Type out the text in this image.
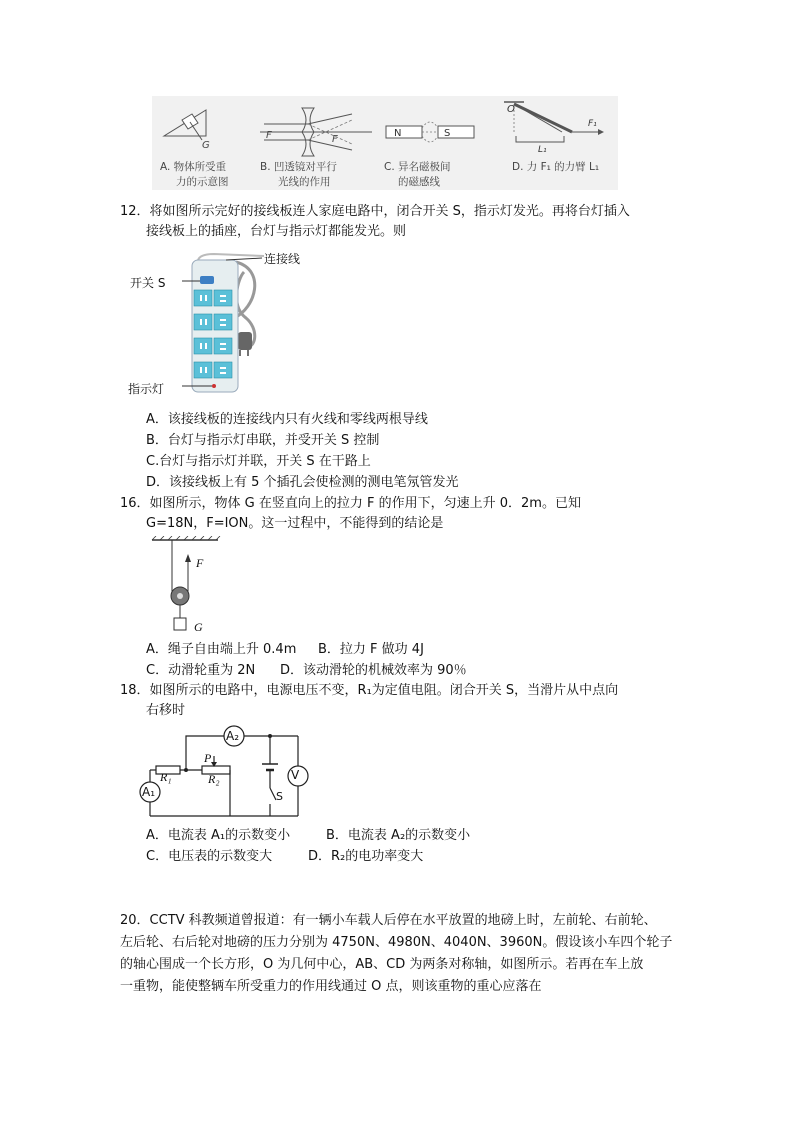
G
F	F
N	S
O
F₁
L₁
A. 物体所受重
力的示意图
B. 凹透镜对平行
光线的作用
C. 异名磁极间
的磁感线
D. 力 F₁ 的力臂 L₁
12．将如图所示完好的接线板连人家庭电路中，闭合开关 S，指示灯发光。再将台灯插入
接线板上的插座，台灯与指示灯都能发光。则
连接线
开关 S
指示灯
A．该接线板的连接线内只有火线和零线两根导线
B．台灯与指示灯串联，并受开关 S 控制
C.台灯与指示灯并联，开关 S 在干路上
D．该接线板上有 5 个插孔会使检测的测电笔氖管发光
16．如图所示，物体 G 在竖直向上的拉力 F 的作用下，匀速上升 0．2m。已知
G=18N，F=ION。这一过程中，不能得到的结论是
F
G
A．绳子自由端上升 0.4m B．拉力 F 做功 4J
C．动滑轮重为 2N D．该动滑轮的机械效率为 90％
18．如图所示的电路中，电源电压不变，R₁为定值电阻。闭合开关 S，当滑片从中点向
右移时
A₂
V
A₁
P
R₁	R₂
S
A．电流表 A₁的示数变小	B．电流表 A₂的示数变小
C．电压表的示数变大	D．R₂的电功率变大
20．CCTV 科教频道曾报道：有一辆小车载人后停在水平放置的地磅上时，左前轮、右前轮、
左后轮、右后轮对地磅的压力分别为 4750N、4980N、4040N、3960N。假设该小车四个轮子
的轴心围成一个长方形，O 为几何中心，AB、CD 为两条对称轴，如图所示。若再在车上放
一重物，能使整辆车所受重力的作用线通过 O 点，则该重物的重心应落在
